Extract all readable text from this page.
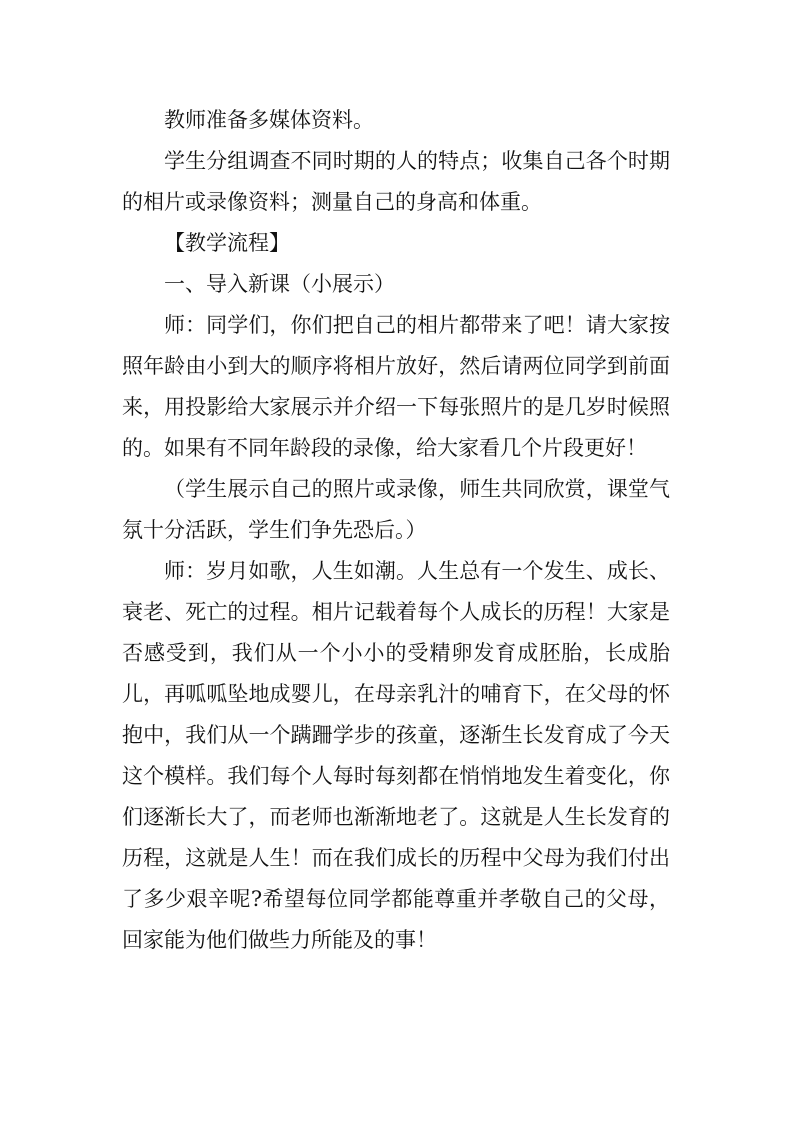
教师准备多媒体资料。

学生分组调查不同时期的人的特点；收集自己各个时期的相片或录像资料；测量自己的身高和体重。

【教学流程】

一、导入新课（小展示）

师：同学们，你们把自己的相片都带来了吧！请大家按照年龄由小到大的顺序将相片放好，然后请两位同学到前面来，用投影给大家展示并介绍一下每张照片的是几岁时候照的。如果有不同年龄段的录像，给大家看几个片段更好！

（学生展示自己的照片或录像，师生共同欣赏，课堂气氛十分活跃，学生们争先恐后。）

师：岁月如歌，人生如潮。人生总有一个发生、成长、衰老、死亡的过程。相片记载着每个人成长的历程！大家是否感受到，我们从一个小小的受精卵发育成胚胎，长成胎儿，再呱呱坠地成婴儿，在母亲乳汁的哺育下，在父母的怀抱中，我们从一个蹒跚学步的孩童，逐渐生长发育成了今天这个模样。我们每个人每时每刻都在悄悄地发生着变化，你们逐渐长大了，而老师也渐渐地老了。这就是人生长发育的历程，这就是人生！而在我们成长的历程中父母为我们付出了多少艰辛呢?希望每位同学都能尊重并孝敬自己的父母，回家能为他们做些力所能及的事！
